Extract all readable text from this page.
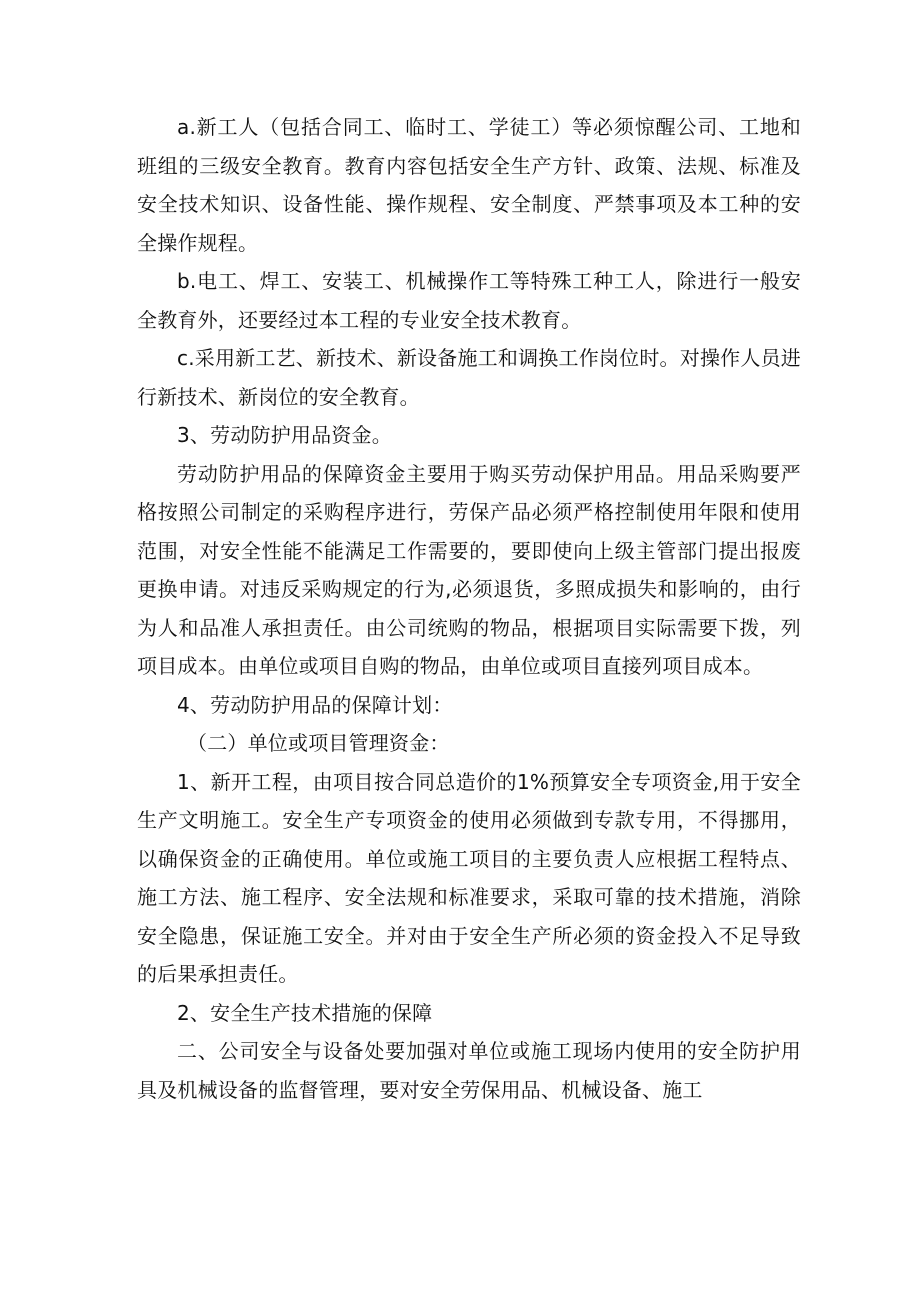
a.新工人（包括合同工、临时工、学徒工）等必须惊醒公司、工地和班组的三级安全教育。教育内容包括安全生产方针、政策、法规、标准及安全技术知识、设备性能、操作规程、安全制度、严禁事项及本工种的安全操作规程。

b.电工、焊工、安装工、机械操作工等特殊工种工人，除进行一般安全教育外，还要经过本工程的专业安全技术教育。

c.采用新工艺、新技术、新设备施工和调换工作岗位时。对操作人员进行新技术、新岗位的安全教育。

3、劳动防护用品资金。

劳动防护用品的保障资金主要用于购买劳动保护用品。用品采购要严格按照公司制定的采购程序进行，劳保产品必须严格控制使用年限和使用范围，对安全性能不能满足工作需要的，要即使向上级主管部门提出报废更换申请。对违反采购规定的行为,必须退货，多照成损失和影响的，由行为人和品准人承担责任。由公司统购的物品，根据项目实际需要下拨，列项目成本。由单位或项目自购的物品，由单位或项目直接列项目成本。

4、劳动防护用品的保障计划：

（二）单位或项目管理资金：

1、新开工程，由项目按合同总造价的1%预算安全专项资金,用于安全生产文明施工。安全生产专项资金的使用必须做到专款专用，不得挪用，以确保资金的正确使用。单位或施工项目的主要负责人应根据工程特点、施工方法、施工程序、安全法规和标准要求，采取可靠的技术措施，消除安全隐患，保证施工安全。并对由于安全生产所必须的资金投入不足导致的后果承担责任。

2、安全生产技术措施的保障

二、公司安全与设备处要加强对单位或施工现场内使用的安全防护用具及机械设备的监督管理，要对安全劳保用品、机械设备、施工
